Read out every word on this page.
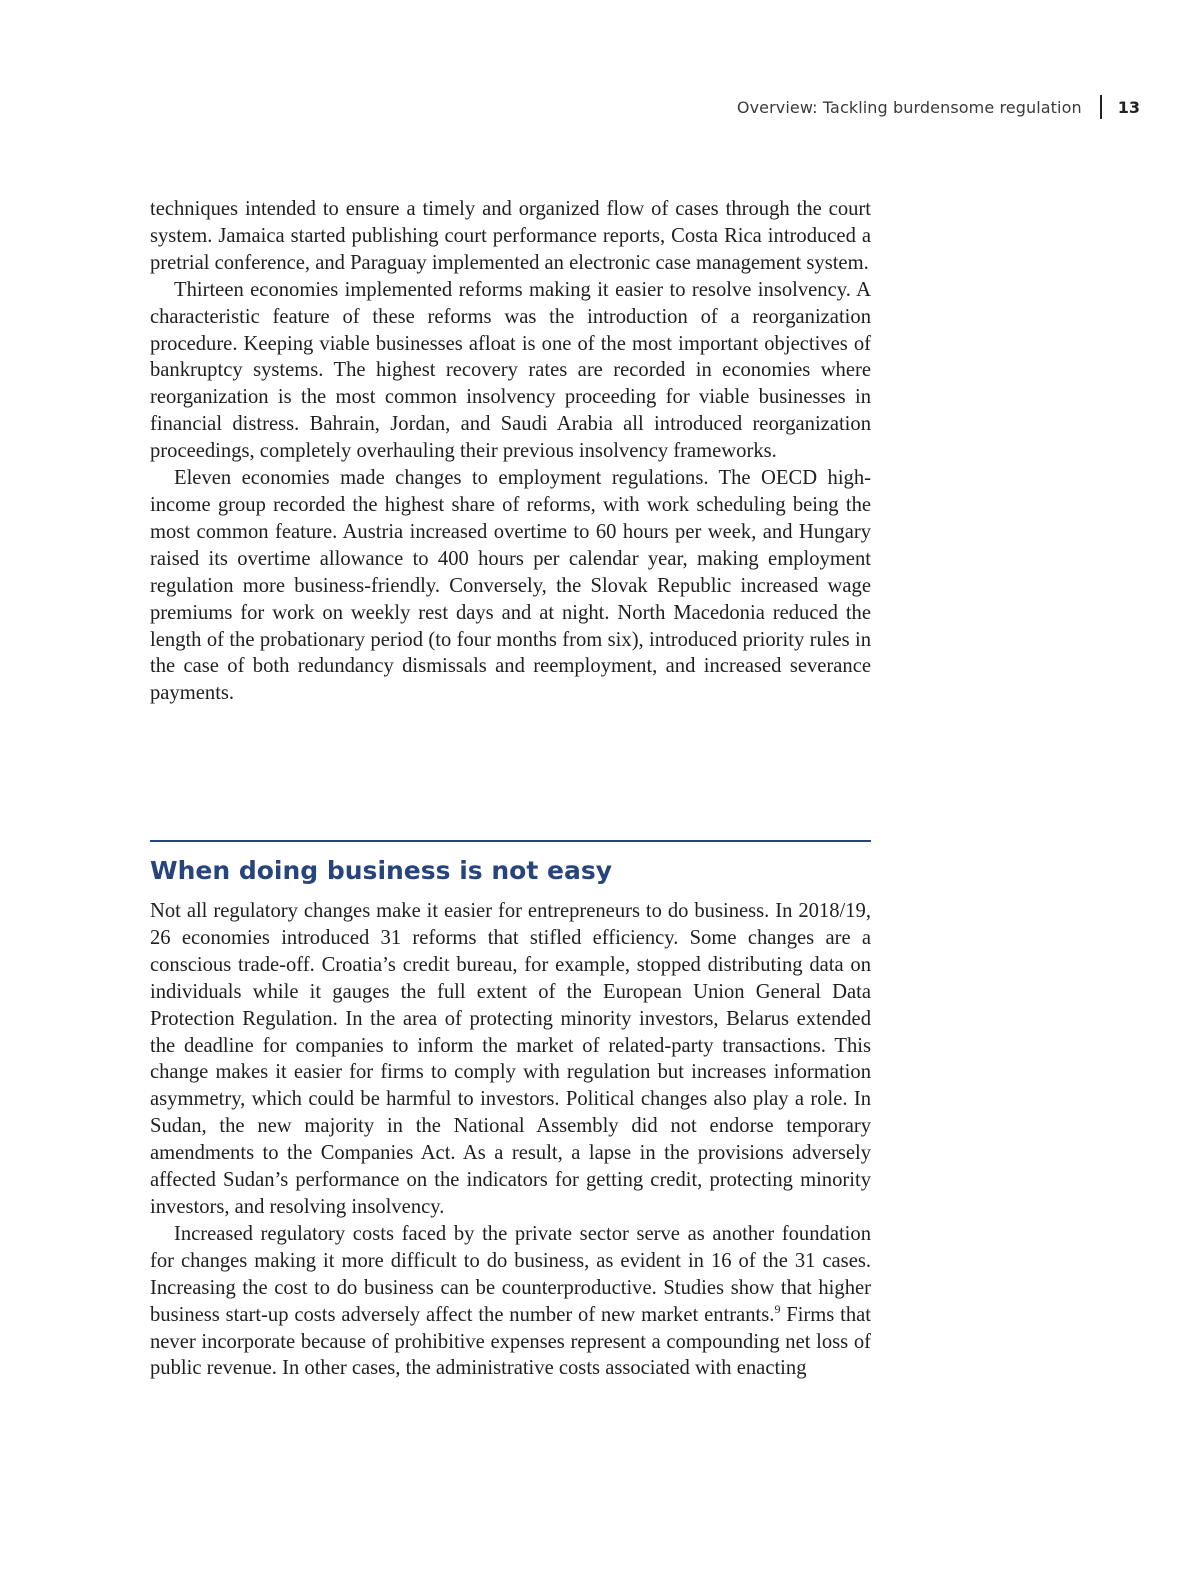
Overview: Tackling burdensome regulation 13

techniques intended to ensure a timely and organized flow of cases through the court system. Jamaica started publishing court performance reports, Costa Rica introduced a pretrial conference, and Paraguay implemented an electronic case management system.

Thirteen economies implemented reforms making it easier to resolve insolvency. A characteristic feature of these reforms was the introduction of a reorganization procedure. Keeping viable businesses afloat is one of the most important objectives of bankruptcy systems. The highest recovery rates are recorded in economies where reorganization is the most common insolvency proceeding for viable businesses in financial distress. Bahrain, Jordan, and Saudi Arabia all introduced reorganization proceedings, completely overhauling their previous insolvency frameworks.

Eleven economies made changes to employment regulations. The OECD high-income group recorded the highest share of reforms, with work scheduling being the most common feature. Austria increased overtime to 60 hours per week, and Hungary raised its overtime allowance to 400 hours per calendar year, making employment regulation more business-friendly. Conversely, the Slovak Republic increased wage premiums for work on weekly rest days and at night. North Macedonia reduced the length of the probationary period (to four months from six), introduced priority rules in the case of both redundancy dismissals and reemployment, and increased severance payments.

When doing business is not easy

Not all regulatory changes make it easier for entrepreneurs to do business. In 2018/19, 26 economies introduced 31 reforms that stifled efficiency. Some changes are a conscious trade-off. Croatia’s credit bureau, for example, stopped distributing data on individuals while it gauges the full extent of the European Union General Data Protection Regulation. In the area of protecting minority investors, Belarus extended the deadline for companies to inform the market of related-party transactions. This change makes it easier for firms to comply with regulation but increases information asymmetry, which could be harmful to investors. Political changes also play a role. In Sudan, the new majority in the National Assembly did not endorse temporary amendments to the Companies Act. As a result, a lapse in the provisions adversely affected Sudan’s performance on the indicators for getting credit, protecting minority investors, and resolving insolvency.

Increased regulatory costs faced by the private sector serve as another foundation for changes making it more difficult to do business, as evident in 16 of the 31 cases. Increasing the cost to do business can be counterproductive. Studies show that higher business start-up costs adversely affect the number of new market entrants.$^9$ Firms that never incorporate because of prohibitive expenses represent a compounding net loss of public revenue. In other cases, the administrative costs associated with enacting
